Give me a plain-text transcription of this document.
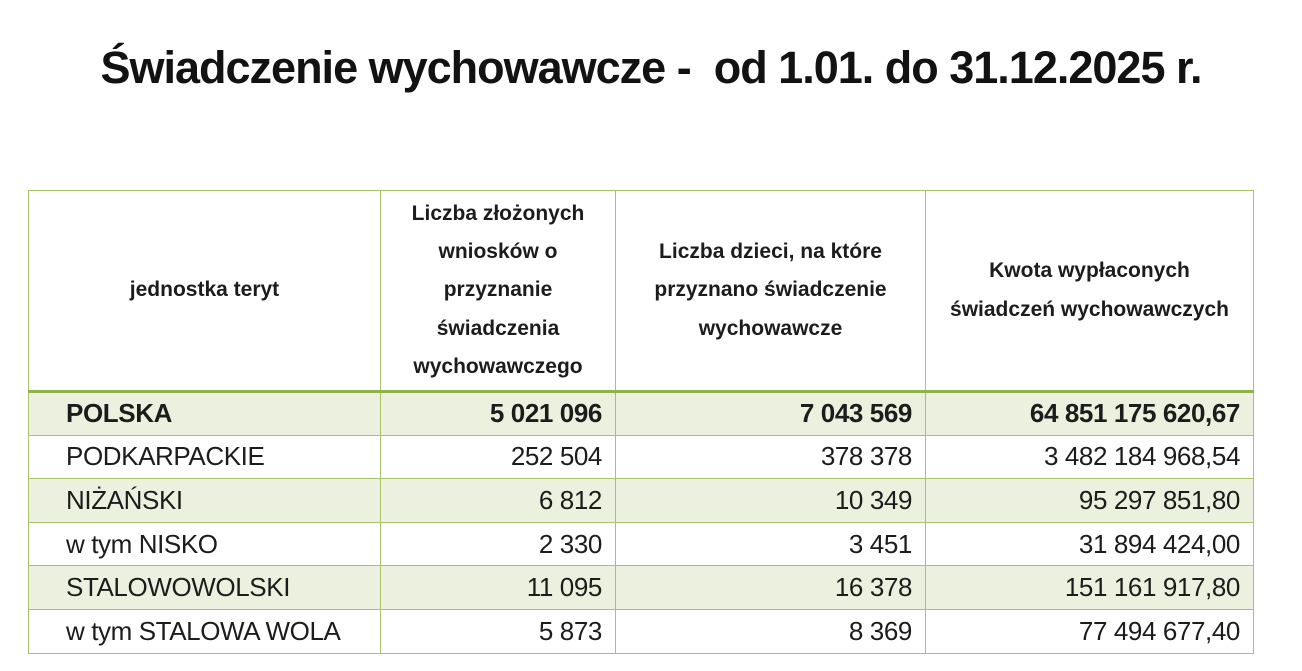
Świadczenie wychowawcze -  od 1.01. do 31.12.2025 r.
jednostka teryt	Liczba złożonych wniosków o przyznanie świadczenia wychowawczego	Liczba dzieci, na które przyznano świadczenie wychowawcze	Kwota wypłaconych świadczeń wychowawczych
POLSKA	5 021 096	7 043 569	64 851 175 620,67
PODKARPACKIE	252 504	378 378	3 482 184 968,54
NIŻAŃSKI	6 812	10 349	95 297 851,80
w tym NISKO	2 330	3 451	31 894 424,00
STALOWOWOLSKI	11 095	16 378	151 161 917,80
w tym STALOWA WOLA	5 873	8 369	77 494 677,40
